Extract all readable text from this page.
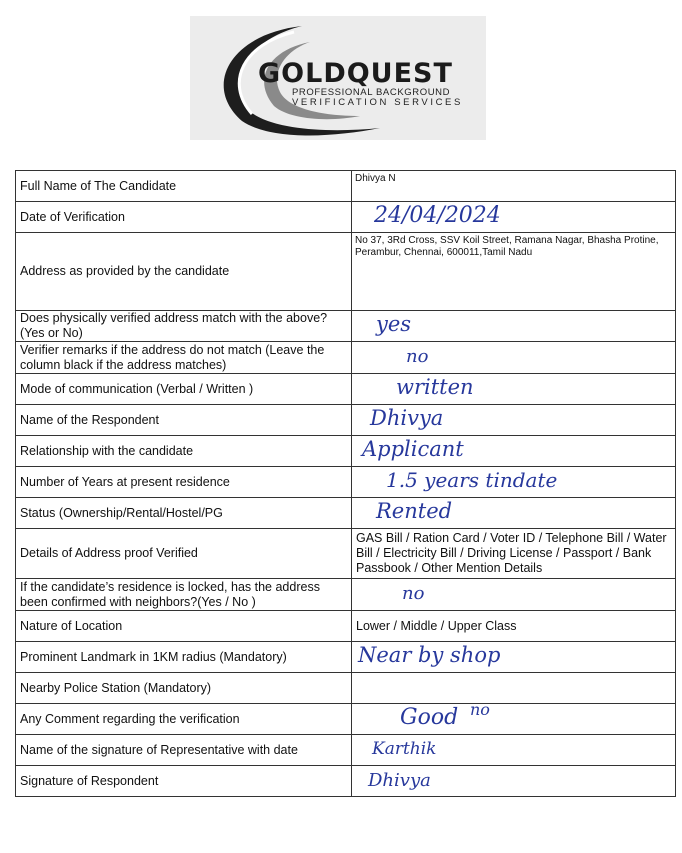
GOLDQUEST
PROFESSIONAL BACKGROUND
VERIFICATION SERVICES
Full Name of The Candidate	Dhivya N

Date of Verification	24/04/2024
Address as provided by the candidate	No 37, 3Rd Cross, SSV Koil Street, Ramana Nagar, Bhasha Protine, Perambur, Chennai, 600011,Tamil Nadu

Does physically verified address match with the above? (Yes or No)	yes
Verifier remarks if the address do not match (Leave the column black if the address matches)	no
Mode of communication (Verbal / Written )	written
Name of the Respondent	Dhivya
Relationship with the candidate	Applicant
Number of Years at present residence	1.5 years tindate
Status (Ownership/Rental/Hostel/PG	Rented
Details of Address proof Verified	GAS Bill / Ration Card / Voter ID / Telephone Bill / Water Bill / Electricity Bill / Driving License / Passport / Bank Passbook / Other Mention Details
If the candidate’s residence is locked, has the address been confirmed with neighbors?(Yes / No )	no
Nature of Location	Lower / Middle / Upper Class
Prominent Landmark in 1KM radius (Mandatory)	Near by shop
Nearby Police Station (Mandatory)	
Any Comment regarding the verification	Good no

Name of the signature of Representative with date	Karthik
Signature of Respondent	Dhivya
